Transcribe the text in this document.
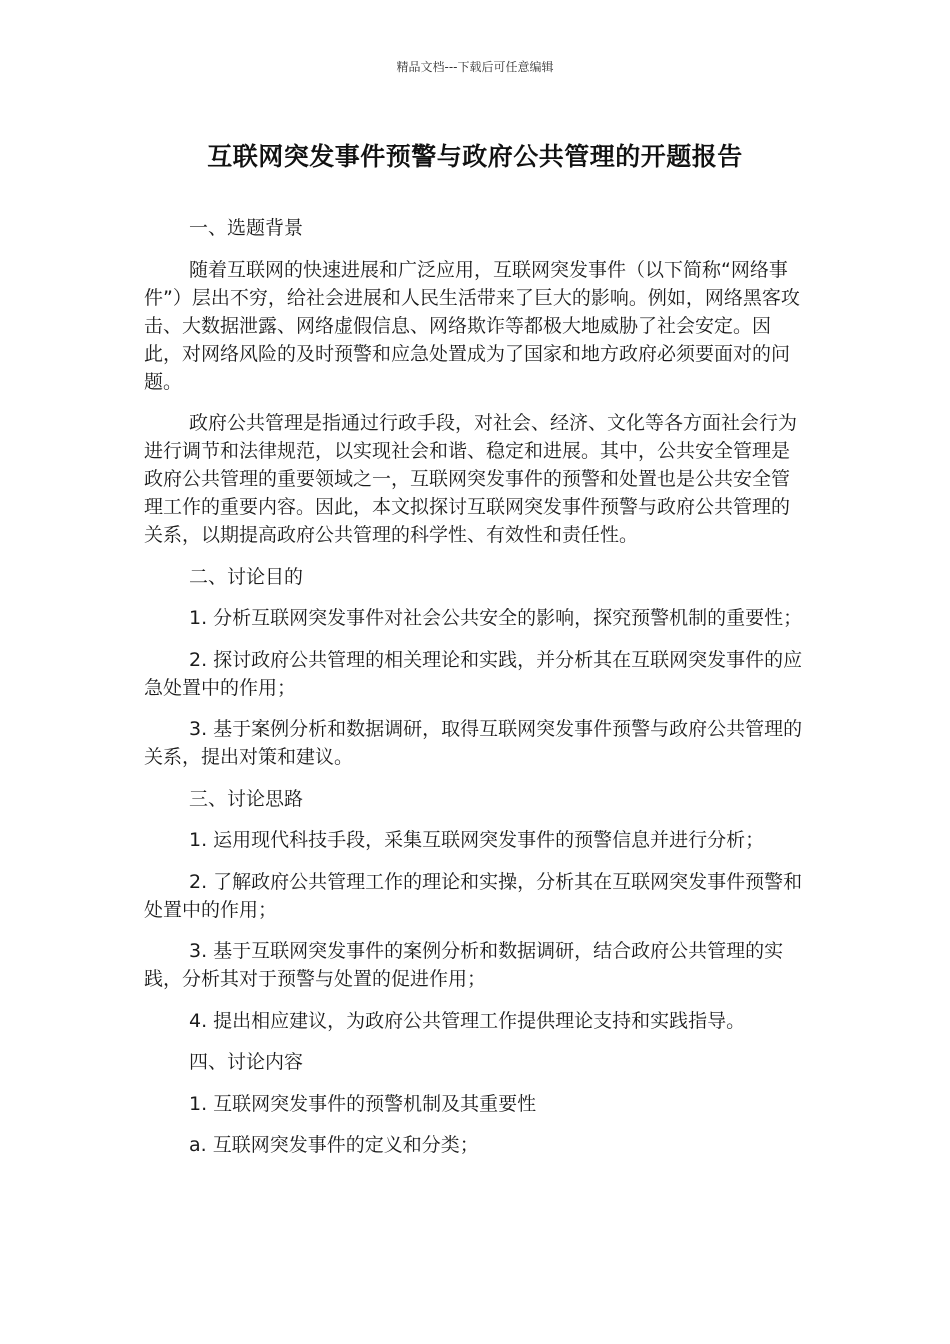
精品文档---下载后可任意编辑
互联网突发事件预警与政府公共管理的开题报告

一、选题背景

随着互联网的快速进展和广泛应用，互联网突发事件（以下简称“网络事件”）层出不穷，给社会进展和人民生活带来了巨大的影响。例如，网络黑客攻击、大数据泄露、网络虚假信息、网络欺诈等都极大地威胁了社会安定。因此，对网络风险的及时预警和应急处置成为了国家和地方政府必须要面对的问题。

政府公共管理是指通过行政手段，对社会、经济、文化等各方面社会行为进行调节和法律规范，以实现社会和谐、稳定和进展。其中，公共安全管理是政府公共管理的重要领域之一，互联网突发事件的预警和处置也是公共安全管理工作的重要内容。因此，本文拟探讨互联网突发事件预警与政府公共管理的关系，以期提高政府公共管理的科学性、有效性和责任性。

二、讨论目的

1. 分析互联网突发事件对社会公共安全的影响，探究预警机制的重要性；

2. 探讨政府公共管理的相关理论和实践，并分析其在互联网突发事件的应急处置中的作用；

3. 基于案例分析和数据调研，取得互联网突发事件预警与政府公共管理的关系，提出对策和建议。

三、讨论思路

1. 运用现代科技手段，采集互联网突发事件的预警信息并进行分析；

2. 了解政府公共管理工作的理论和实操，分析其在互联网突发事件预警和处置中的作用；

3. 基于互联网突发事件的案例分析和数据调研，结合政府公共管理的实践，分析其对于预警与处置的促进作用；

4. 提出相应建议，为政府公共管理工作提供理论支持和实践指导。

四、讨论内容

1. 互联网突发事件的预警机制及其重要性

a. 互联网突发事件的定义和分类；
